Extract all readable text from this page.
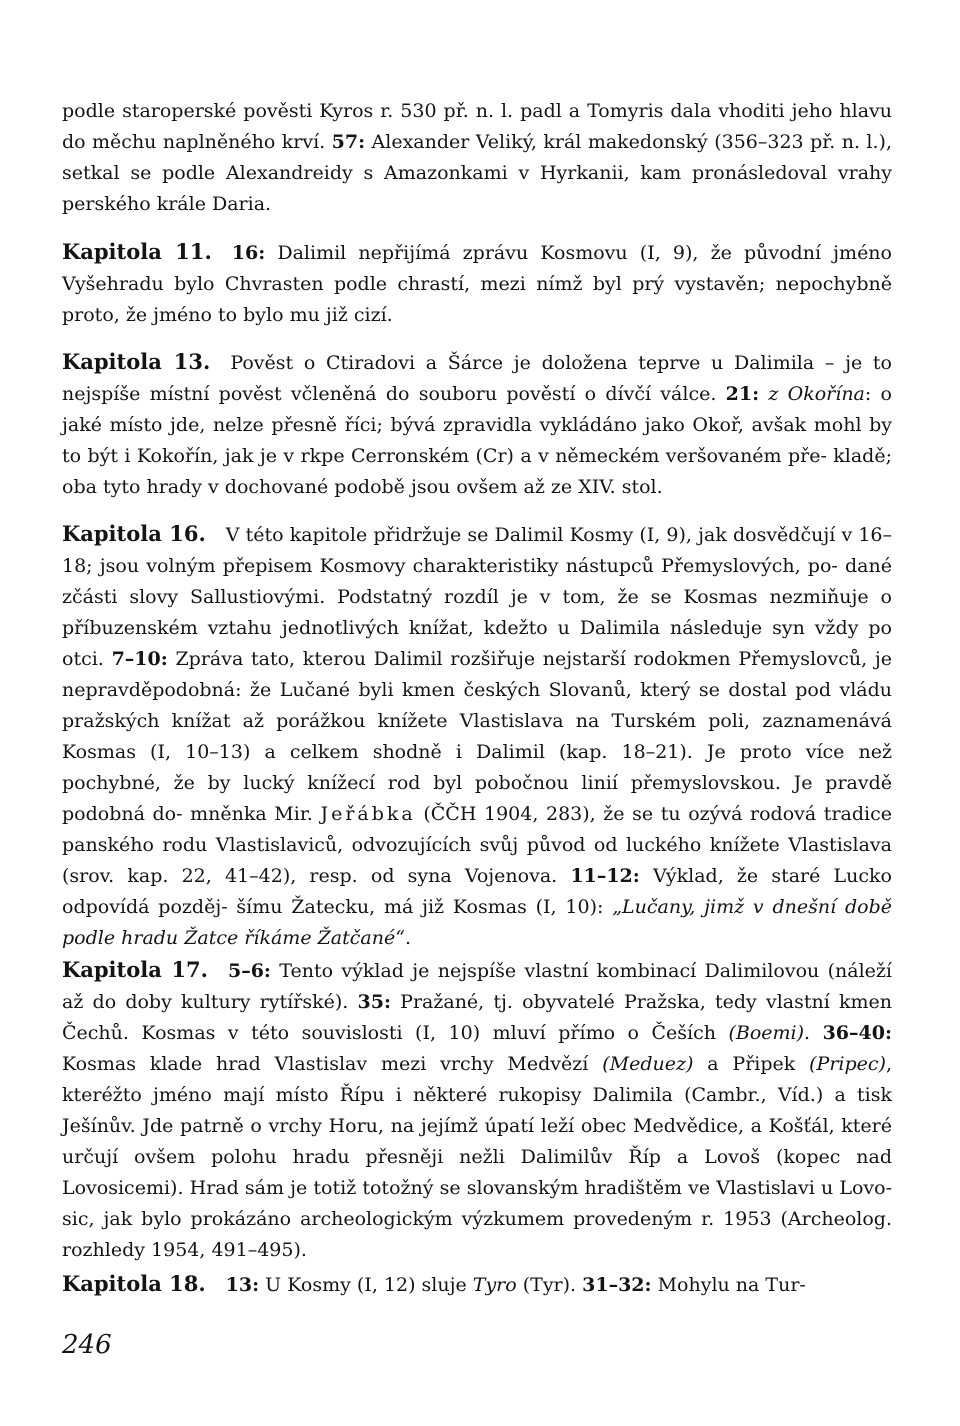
podle staroperské pověsti Kyros r. 530 př. n. l. padl a Tomyris dala vhoditi jeho hlavu do měchu naplněného krví. 57: Alexander Veliký, král makedonský (356–323 př. n. l.), setkal se podle Alexandreidy s Amazonkami v Hyrkanii, kam pronásledoval vrahy perského krále Daria.

Kapitola 11. 16: Dalimil nepřijímá zprávu Kosmovu (I, 9), že původní jméno Vyšehradu bylo Chvrasten podle chrastí, mezi nímž byl prý vystavěn; nepochybně proto, že jméno to bylo mu již cizí.

Kapitola 13. Pověst o Ctiradovi a Šárce je doložena teprve u Dalimila – je to nejspíše místní pověst včleněná do souboru pověstí o dívčí válce. 21: z Okořína: o jaké místo jde, nelze přesně říci; bývá zpravidla vykládáno jako Okoř, avšak mohl by to být i Kokořín, jak je v rkpe Cerronském (Cr) a v německém veršovaném pře- kladě; oba tyto hrady v dochované podobě jsou ovšem až ze XIV. stol.

Kapitola 16. V této kapitole přidržuje se Dalimil Kosmy (I, 9), jak dosvědčují v 16–18; jsou volným přepisem Kosmovy charakteristiky nástupců Přemyslových, po- dané zčásti slovy Sallustiovými. Podstatný rozdíl je v tom, že se Kosmas nezmiňuje o příbuzenském vztahu jednotlivých knížat, kdežto u Dalimila následuje syn vždy po otci. 7–10: Zpráva tato, kterou Dalimil rozšiřuje nejstarší rodokmen Přemyslovců, je nepravděpodobná: že Lučané byli kmen českých Slovanů, který se dostal pod vládu pražských knížat až porážkou knížete Vlastislava na Turském poli, zaznamenává Kosmas (I, 10–13) a celkem shodně i Dalimil (kap. 18–21). Je proto více než pochybné, že by lucký knížecí rod byl pobočnou linií přemyslovskou. Je pravdě podobná do- mněnka Mir. Jeřábka (ČČH 1904, 283), že se tu ozývá rodová tradice panského rodu Vlastislaviců, odvozujících svůj původ od luckého knížete Vlastislava (srov. kap. 22, 41–42), resp. od syna Vojenova. 11–12: Výklad, že staré Lucko odpovídá pozděj- šímu Žatecku, má již Kosmas (I, 10): „Lučany, jimž v dnešní době podle hradu Žatce říkáme Žatčané“.

Kapitola 17. 5–6: Tento výklad je nejspíše vlastní kombinací Dalimilovou (náleží až do doby kultury rytířské). 35: Pražané, tj. obyvatelé Pražska, tedy vlastní kmen Čechů. Kosmas v této souvislosti (I, 10) mluví přímo o Češích (Boemi). 36–40: Kosmas klade hrad Vlastislav mezi vrchy Medvězí (Meduez) a Připek (Pripec), kteréžto jméno mají místo Řípu i některé rukopisy Dalimila (Cambr., Víd.) a tisk Ješínův. Jde patrně o vrchy Horu, na jejímž úpatí leží obec Medvědice, a Košťál, které určují ovšem polohu hradu přesněji nežli Dalimilův Říp a Lovoš (kopec nad Lovosicemi). Hrad sám je totiž totožný se slovanským hradištěm ve Vlastislavi u Lovo- sic, jak bylo prokázáno archeologickým výzkumem provedeným r. 1953 (Archeolog. rozhledy 1954, 491–495).

Kapitola 18. 13: U Kosmy (I, 12) sluje Tyro (Tyr). 31–32: Mohylu na Tur-

246
